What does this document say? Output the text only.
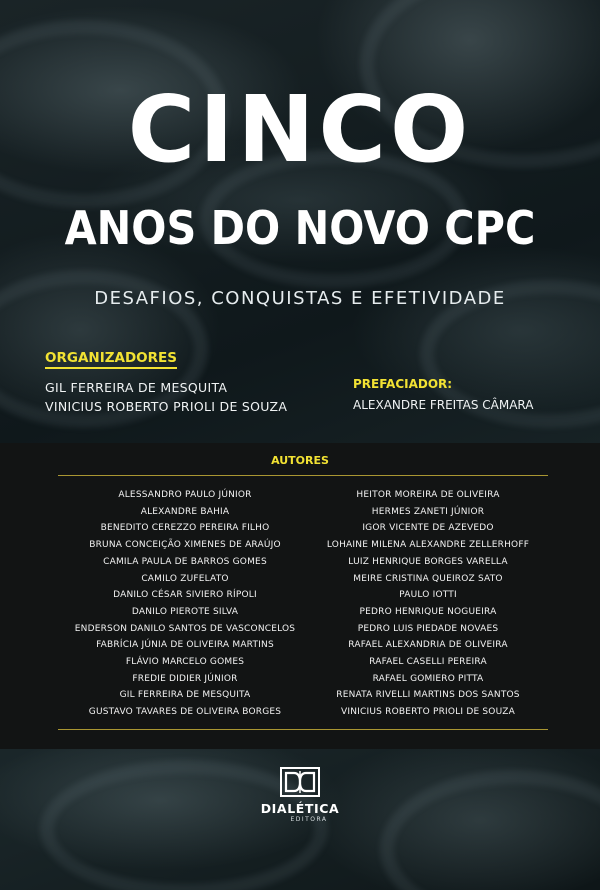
CINCO
ANOS DO NOVO CPC
DESAFIOS, CONQUISTAS E EFETIVIDADE
ORGANIZADORES
GIL FERREIRA DE MESQUITA
VINICIUS ROBERTO PRIOLI DE SOUZA
PREFACIADOR:
ALEXANDRE FREITAS CÂMARA
AUTORES
ALESSANDRO PAULO JÚNIOR
ALEXANDRE BAHIA
BENEDITO CEREZZO PEREIRA FILHO
BRUNA CONCEIÇÃO XIMENES DE ARAÚJO
CAMILA PAULA DE BARROS GOMES
CAMILO ZUFELATO
DANILO CÉSAR SIVIERO RÍPOLI
DANILO PIEROTE SILVA
ENDERSON DANILO SANTOS DE VASCONCELOS
FABRÍCIA JÚNIA DE OLIVEIRA MARTINS
FLÁVIO MARCELO GOMES
FREDIE DIDIER JÚNIOR
GIL FERREIRA DE MESQUITA
GUSTAVO TAVARES DE OLIVEIRA BORGES
HEITOR MOREIRA DE OLIVEIRA
HERMES ZANETI JÚNIOR
IGOR VICENTE DE AZEVEDO
LOHAINE MILENA ALEXANDRE ZELLERHOFF
LUIZ HENRIQUE BORGES VARELLA
MEIRE CRISTINA QUEIROZ SATO
PAULO IOTTI
PEDRO HENRIQUE NOGUEIRA
PEDRO LUIS PIEDADE NOVAES
RAFAEL ALEXANDRIA DE OLIVEIRA
RAFAEL CASELLI PEREIRA
RAFAEL GOMIERO PITTA
RENATA RIVELLI MARTINS DOS SANTOS
VINICIUS ROBERTO PRIOLI DE SOUZA
DIALÉTICA
EDITORA
